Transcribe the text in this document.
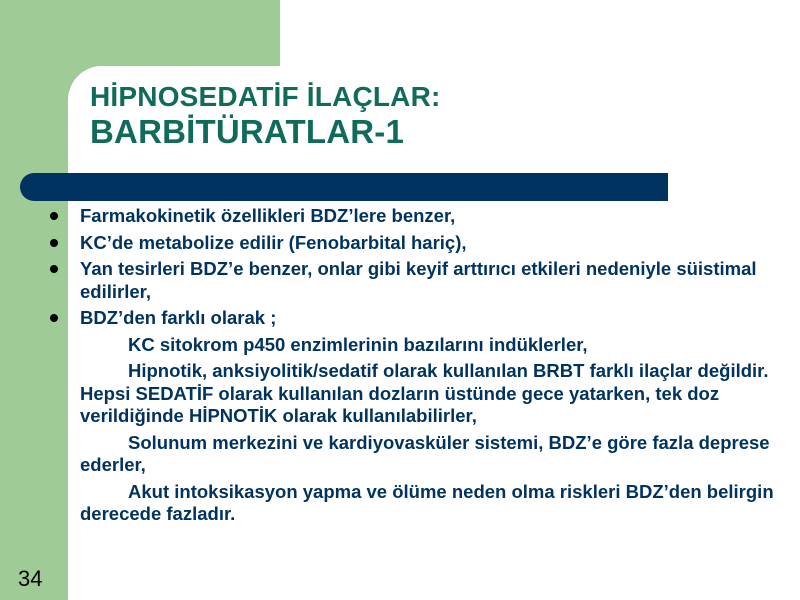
HİPNOSEDATİF İLAÇLAR:
BARBİTÜRATLAR-1
Farmakokinetik özellikleri BDZ’lere benzer,
KC’de metabolize edilir (Fenobarbital hariç),
Yan tesirleri BDZ’e benzer, onlar gibi keyif arttırıcı etkileri nedeniyle süistimal edilirler,
BDZ’den farklı olarak ;
KC sitokrom p450 enzimlerinin bazılarını indüklerler,
Hipnotik, anksiyolitik/sedatif olarak kullanılan BRBT farklı ilaçlar değildir. Hepsi SEDATİF olarak kullanılan dozların üstünde gece yatarken, tek doz verildiğinde HİPNOTİK olarak kullanılabilirler,
Solunum merkezini ve kardiyovasküler sistemi, BDZ’e göre fazla deprese ederler,
Akut intoksikasyon yapma ve ölüme neden olma riskleri BDZ’den belirgin derecede fazladır.
34
